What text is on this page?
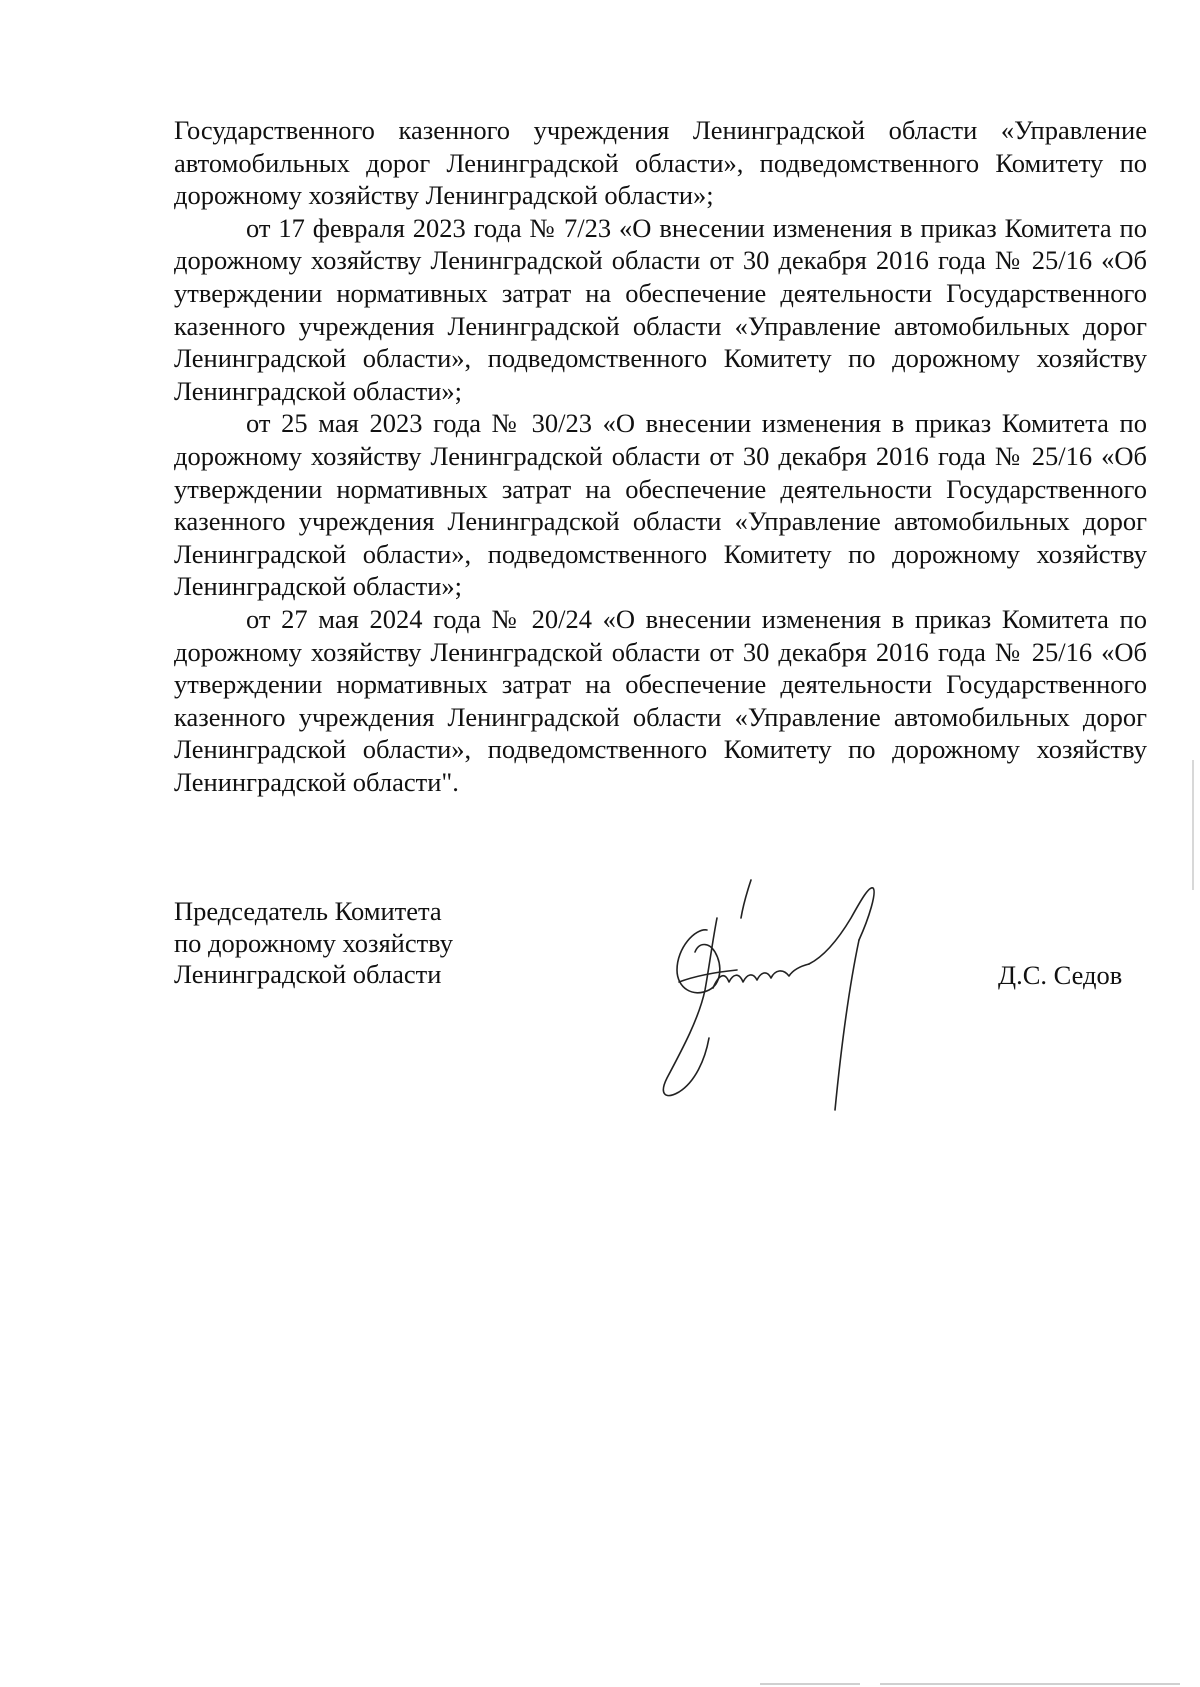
Государственного казенного учреждения Ленинградской области «Управление автомобильных дорог Ленинградской области», подведомственного Комитету по дорожному хозяйству Ленинградской области»;

от 17 февраля 2023 года № 7/23 «О внесении изменения в приказ Комитета по дорожному хозяйству Ленинградской области от 30 декабря 2016 года № 25/16 «Об утверждении нормативных затрат на обеспечение деятельности Государственного казенного учреждения Ленинградской области «Управление автомобильных дорог Ленинградской области», подведомственного Комитету по дорожному хозяйству Ленинградской области»;

от 25 мая 2023 года № 30/23 «О внесении изменения в приказ Комитета по дорожному хозяйству Ленинградской области от 30 декабря 2016 года № 25/16 «Об утверждении нормативных затрат на обеспечение деятельности Государственного казенного учреждения Ленинградской области «Управление автомобильных дорог Ленинградской области», подведомственного Комитету по дорожному хозяйству Ленинградской области»;

от 27 мая 2024 года № 20/24 «О внесении изменения в приказ Комитета по дорожному хозяйству Ленинградской области от 30 декабря 2016 года № 25/16 «Об утверждении нормативных затрат на обеспечение деятельности Государственного казенного учреждения Ленинградской области «Управление автомобильных дорог Ленинградской области», подведомственного Комитету по дорожному хозяйству Ленинградской области".

Председатель Комитета
по дорожному хозяйству
Ленинградской области	Д.С. Седов
